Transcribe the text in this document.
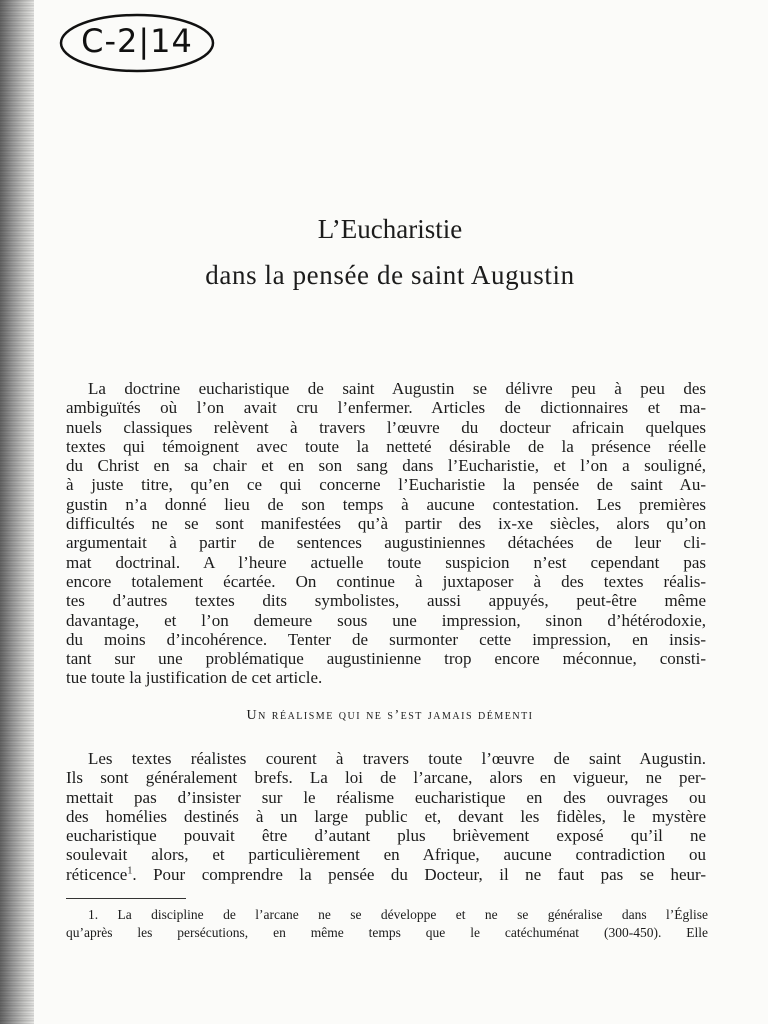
C-2|14
L’Eucharistie
dans la pensée de saint Augustin
La doctrine eucharistique de saint Augustin se délivre peu à peu des
ambiguïtés où l’on avait cru l’enfermer. Articles de dictionnaires et ma-
nuels classiques relèvent à travers l’œuvre du docteur africain quelques
textes qui témoignent avec toute la netteté désirable de la présence réelle
du Christ en sa chair et en son sang dans l’Eucharistie, et l’on a souligné,
à juste titre, qu’en ce qui concerne l’Eucharistie la pensée de saint Au-
gustin n’a donné lieu de son temps à aucune contestation. Les premières
difficultés ne se sont manifestées qu’à partir des ix-xe siècles, alors qu’on
argumentait à partir de sentences augustiniennes détachées de leur cli-
mat doctrinal. A l’heure actuelle toute suspicion n’est cependant pas
encore totalement écartée. On continue à juxtaposer à des textes réalis-
tes d’autres textes dits symbolistes, aussi appuyés, peut-être même
davantage, et l’on demeure sous une impression, sinon d’hétérodoxie,
du moins d’incohérence. Tenter de surmonter cette impression, en insis-
tant sur une problématique augustinienne trop encore méconnue, consti-
tue toute la justification de cet article.
Un réalisme qui ne s’est jamais démenti
Les textes réalistes courent à travers toute l’œuvre de saint Augustin.
Ils sont généralement brefs. La loi de l’arcane, alors en vigueur, ne per-
mettait pas d’insister sur le réalisme eucharistique en des ouvrages ou
des homélies destinés à un large public et, devant les fidèles, le mystère
eucharistique pouvait être d’autant plus brièvement exposé qu’il ne
soulevait alors, et particulièrement en Afrique, aucune contradiction ou
réticence$^1$. Pour comprendre la pensée du Docteur, il ne faut pas se heur-
1. La discipline de l’arcane ne se développe et ne se généralise dans l’Église
qu’après les persécutions, en même temps que le catéchuménat (300-450). Elle
